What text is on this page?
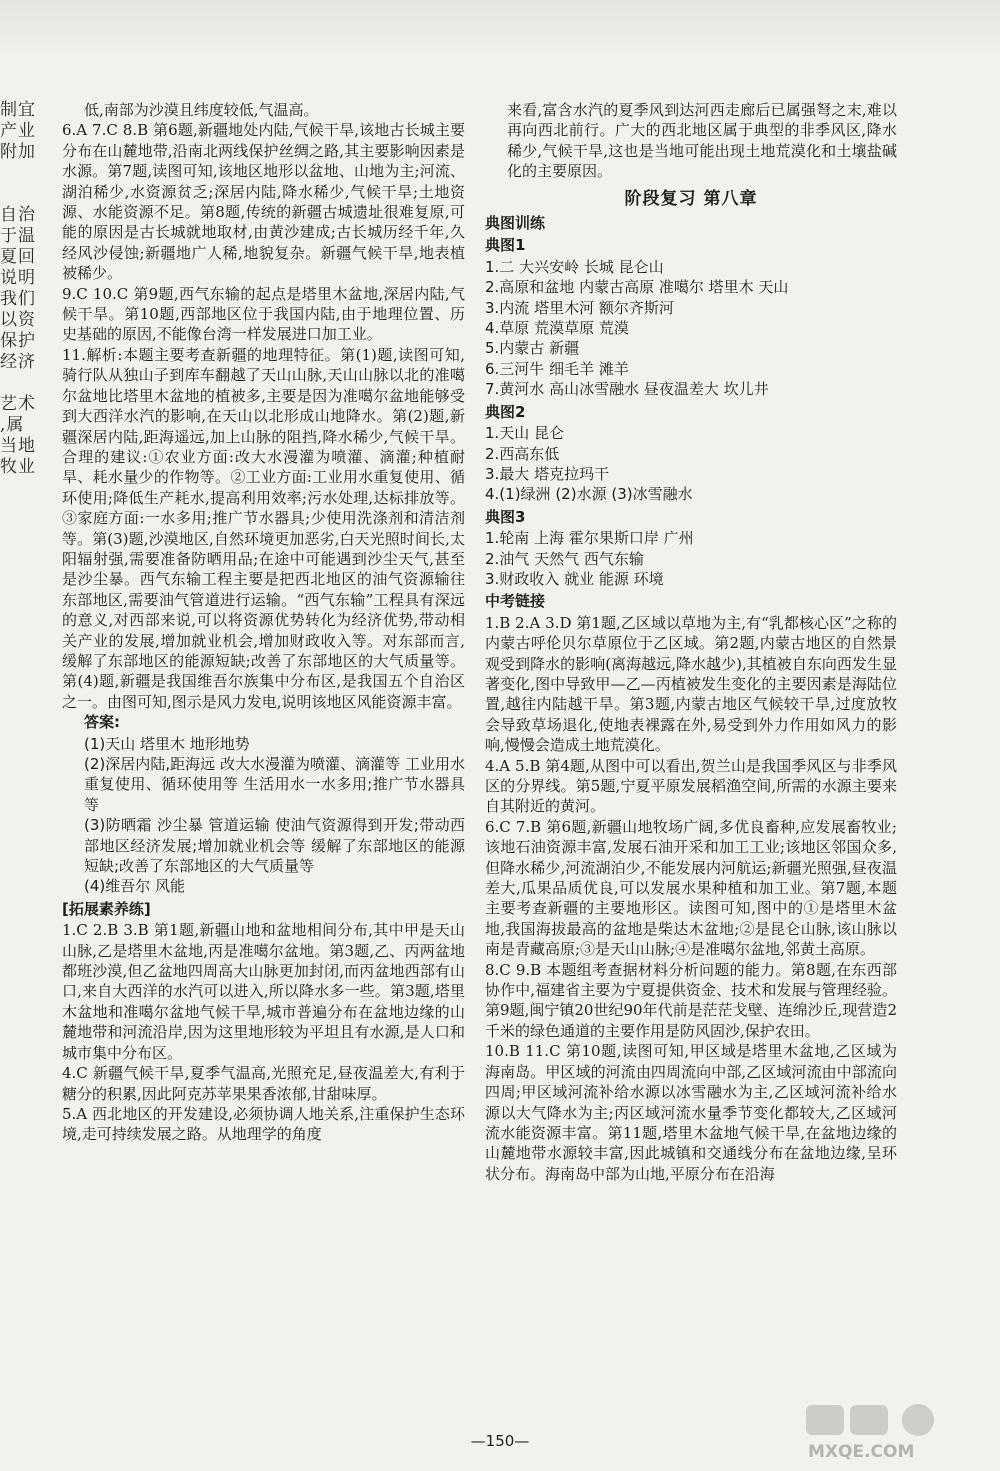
制宜
产业
附加

自治
于温
夏回
说明
我们
以资
保护
经济

艺术
,属
当地
牧业

低,南部为沙漠且纬度较低,气温高。

6.A 7.C 8.B 第6题,新疆地处内陆,气候干旱,该地古长城主要分布在山麓地带,沿南北两线保护丝绸之路,其主要影响因素是水源。第7题,读图可知,该地区地形以盆地、山地为主;河流、湖泊稀少,水资源贫乏;深居内陆,降水稀少,气候干旱;土地资源、水能资源不足。第8题,传统的新疆古城遗址很难复原,可能的原因是古长城就地取材,由黄沙建成;古长城历经千年,久经风沙侵蚀;新疆地广人稀,地貌复杂。新疆气候干旱,地表植被稀少。

9.C 10.C 第9题,西气东输的起点是塔里木盆地,深居内陆,气候干旱。第10题,西部地区位于我国内陆,由于地理位置、历史基础的原因,不能像台湾一样发展进口加工业。

11.解析:本题主要考查新疆的地理特征。第(1)题,读图可知,骑行队从独山子到库车翻越了天山山脉,天山山脉以北的准噶尔盆地比塔里木盆地的植被多,主要是因为准噶尔盆地能够受到大西洋水汽的影响,在天山以北形成山地降水。第(2)题,新疆深居内陆,距海遥远,加上山脉的阻挡,降水稀少,气候干旱。合理的建议:①农业方面:改大水漫灌为喷灌、滴灌;种植耐旱、耗水量少的作物等。②工业方面:工业用水重复使用、循环使用;降低生产耗水,提高利用效率;污水处理,达标排放等。③家庭方面:一水多用;推广节水器具;少使用洗涤剂和清洁剂等。第(3)题,沙漠地区,自然环境更加恶劣,白天光照时间长,太阳辐射强,需要准备防晒用品;在途中可能遇到沙尘天气,甚至是沙尘暴。西气东输工程主要是把西北地区的油气资源输往东部地区,需要油气管道进行运输。“西气东输”工程具有深远的意义,对西部来说,可以将资源优势转化为经济优势,带动相关产业的发展,增加就业机会,增加财政收入等。对东部而言,缓解了东部地区的能源短缺;改善了东部地区的大气质量等。第(4)题,新疆是我国维吾尔族集中分布区,是我国五个自治区之一。由图可知,图示是风力发电,说明该地区风能资源丰富。

答案:

(1)天山 塔里木 地形地势

(2)深居内陆,距海远 改大水漫灌为喷灌、滴灌等 工业用水重复使用、循环使用等 生活用水一水多用;推广节水器具等

(3)防晒霜 沙尘暴 管道运输 使油气资源得到开发;带动西部地区经济发展;增加就业机会等 缓解了东部地区的能源短缺;改善了东部地区的大气质量等

(4)维吾尔 风能

[拓展素养练]

1.C 2.B 3.B 第1题,新疆山地和盆地相间分布,其中甲是天山山脉,乙是塔里木盆地,丙是准噶尔盆地。第3题,乙、丙两盆地都班沙漠,但乙盆地四周高大山脉更加封闭,而丙盆地西部有山口,来自大西洋的水汽可以进入,所以降水多一些。第3题,塔里木盆地和准噶尔盆地气候干旱,城市普遍分布在盆地边缘的山麓地带和河流沿岸,因为这里地形较为平坦且有水源,是人口和城市集中分布区。

4.C 新疆气候干旱,夏季气温高,光照充足,昼夜温差大,有利于糖分的积累,因此阿克苏苹果果香浓郁,甘甜味厚。

5.A 西北地区的开发建设,必须协调人地关系,注重保护生态环境,走可持续发展之路。从地理学的角度

来看,富含水汽的夏季风到达河西走廊后已属强弩之末,难以再向西北前行。广大的西北地区属于典型的非季风区,降水稀少,气候干旱,这也是当地可能出现土地荒漠化和土壤盐碱化的主要原因。

阶段复习 第八章

典图训练

典图1

1.二 大兴安岭 长城 昆仑山

2.高原和盆地 内蒙古高原 准噶尔 塔里木 天山

3.内流 塔里木河 额尔齐斯河

4.草原 荒漠草原 荒漠

5.内蒙古 新疆

6.三河牛 细毛羊 滩羊

7.黄河水 高山冰雪融水 昼夜温差大 坎儿井

典图2

1.天山 昆仑

2.西高东低

3.最大 塔克拉玛干

4.(1)绿洲 (2)水源 (3)冰雪融水

典图3

1.轮南 上海 霍尔果斯口岸 广州

2.油气 天然气 西气东输

3.财政收入 就业 能源 环境

中考链接

1.B 2.A 3.D 第1题,乙区域以草地为主,有“乳都核心区”之称的内蒙古呼伦贝尔草原位于乙区域。第2题,内蒙古地区的自然景观受到降水的影响(离海越远,降水越少),其植被自东向西发生显著变化,图中导致甲—乙—丙植被发生变化的主要因素是海陆位置,越往内陆越干旱。第3题,内蒙古地区气候较干旱,过度放牧会导致草场退化,使地表裸露在外,易受到外力作用如风力的影响,慢慢会造成土地荒漠化。

4.A 5.B 第4题,从图中可以看出,贺兰山是我国季风区与非季风区的分界线。第5题,宁夏平原发展稻渔空间,所需的水源主要来自其附近的黄河。

6.C 7.B 第6题,新疆山地牧场广阔,多优良畜种,应发展畜牧业;该地石油资源丰富,发展石油开采和加工工业;该地区邻国众多,但降水稀少,河流湖泊少,不能发展内河航运;新疆光照强,昼夜温差大,瓜果品质优良,可以发展水果种植和加工业。第7题,本题主要考查新疆的主要地形区。读图可知,图中的①是塔里木盆地,我国海拔最高的盆地是柴达木盆地;②是昆仑山脉,该山脉以南是青藏高原;③是天山山脉;④是准噶尔盆地,邻黄土高原。

8.C 9.B 本题组考查据材料分析问题的能力。第8题,在东西部协作中,福建省主要为宁夏提供资金、技术和发展与管理经验。第9题,闽宁镇20世纪90年代前是茫茫戈壁、连绵沙丘,现营造2千米的绿色通道的主要作用是防风固沙,保护农田。

10.B 11.C 第10题,读图可知,甲区域是塔里木盆地,乙区域为海南岛。甲区域的河流由四周流向中部,乙区域河流由中部流向四周;甲区域河流补给水源以冰雪融水为主,乙区域河流补给水源以大气降水为主;丙区域河流水量季节变化都较大,乙区域河流水能资源丰富。第11题,塔里木盆地气候干旱,在盆地边缘的山麓地带水源较丰富,因此城镇和交通线分布在盆地边缘,呈环状分布。海南岛中部为山地,平原分布在沿海

—150—
MXQE.COM
